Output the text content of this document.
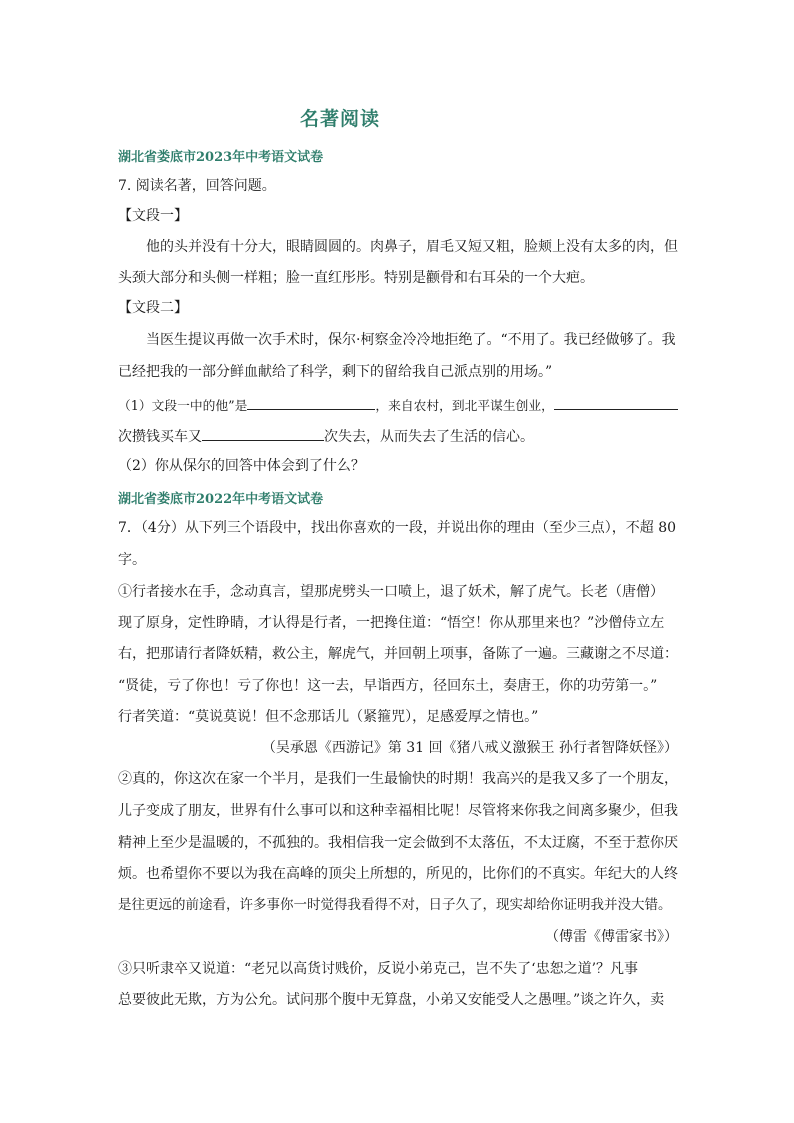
名著阅读
湖北省娄底市2023年中考语文试卷
7. 阅读名著，回答问题。
【文段一】
他的头并没有十分大，眼睛圆圆的。肉鼻子，眉毛又短又粗，脸颊上没有太多的肉，但
头颈大部分和头侧一样粗；脸一直红彤彤。特别是颧骨和右耳朵的一个大疤。
【文段二】
当医生提议再做一次手术时，保尔·柯察金冷冷地拒绝了。“不用了。我已经做够了。我
已经把我的一部分鲜血献给了科学，剩下的留给我自己派点别的用场。”
（1）文段一中的他”是	，来自农村，到北平谋生创业，
次攒钱买车又	次失去，从而失去了生活的信心。
（2）你从保尔的回答中体会到了什么？
湖北省娄底市2022年中考语文试卷
7．（4分）从下列三个语段中，找出你喜欢的一段，并说出你的理由（至少三点），不超 80
字。
①行者接水在手，念动真言，望那虎劈头一口喷上，退了妖术，解了虎气。长老（唐僧）
现了原身，定性睁睛，才认得是行者，一把搀住道：“悟空！你从那里来也？”沙僧侍立左
右，把那请行者降妖精，救公主，解虎气，并回朝上项事，备陈了一遍。三藏谢之不尽道：
“贤徒，亏了你也！亏了你也！这一去，早诣西方，径回东土，奏唐王，你的功劳第一。”
行者笑道：“莫说莫说！但不念那话儿（紧箍咒），足感爱厚之情也。”
（吴承恩《西游记》第 31 回《猪八戒义激猴王 孙行者智降妖怪》）
②真的，你这次在家一个半月，是我们一生最愉快的时期！我高兴的是我又多了一个朋友，
儿子变成了朋友，世界有什么事可以和这种幸福相比呢！尽管将来你我之间离多聚少，但我
精神上至少是温暖的，不孤独的。我相信我一定会做到不太落伍，不太迂腐，不至于惹你厌
烦。也希望你不要以为我在高峰的顶尖上所想的，所见的，比你们的不真实。年纪大的人终
是往更远的前途看，许多事你一时觉得我看得不对，日子久了，现实却给你证明我并没大错。
（傅雷《傅雷家书》）
③只听隶卒又说道：“老兄以高货讨贱价，反说小弟克己，岂不失了‘忠恕之道’？凡事
总要彼此无欺，方为公允。试问那个腹中无算盘，小弟又安能受人之愚哩。”谈之许久，卖
